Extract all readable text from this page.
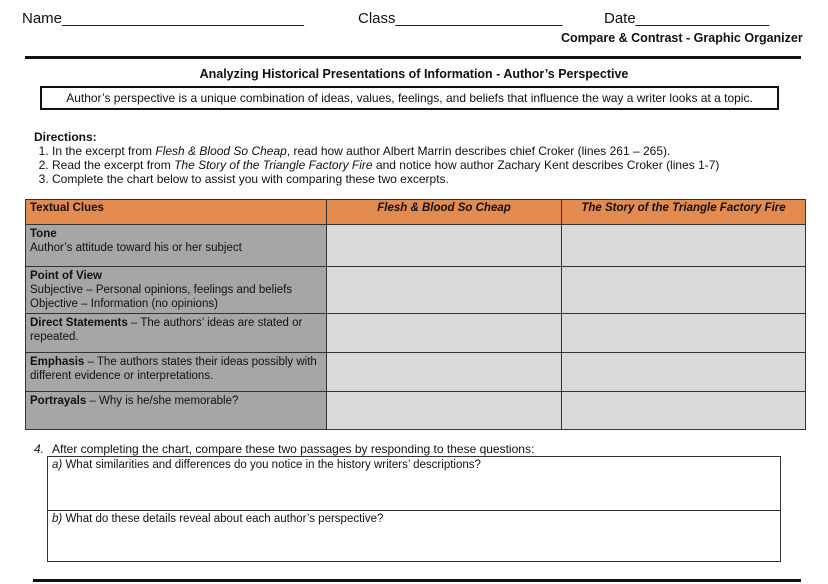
Name_____________________________	Class____________________	Date________________
Compare & Contrast - Graphic Organizer
Analyzing Historical Presentations of Information - Author’s Perspective
Author’s perspective is a unique combination of ideas, values, feelings, and beliefs that influence the way a writer looks at a topic.
Directions:
1. In the excerpt from Flesh & Blood So Cheap, read how author Albert Marrin describes chief Croker (lines 261 – 265).
2. Read the excerpt from The Story of the Triangle Factory Fire and notice how author Zachary Kent describes Croker (lines 1-7)
3. Complete the chart below to assist you with comparing these two excerpts.
Textual Clues	Flesh & Blood So Cheap	The Story of the Triangle Factory Fire
Tone
Author’s attitude toward his or her subject		
Point of View
Subjective – Personal opinions, feelings and beliefs
Objective – Information (no opinions)		
Direct Statements – The authors’ ideas are stated or repeated.		
Emphasis – The authors states their ideas possibly with different evidence or interpretations.		
Portrayals – Why is he/she memorable?		
4. After completing the chart, compare these two passages by responding to these questions:
a) What similarities and differences do you notice in the history writers’ descriptions?
b) What do these details reveal about each author’s perspective?
